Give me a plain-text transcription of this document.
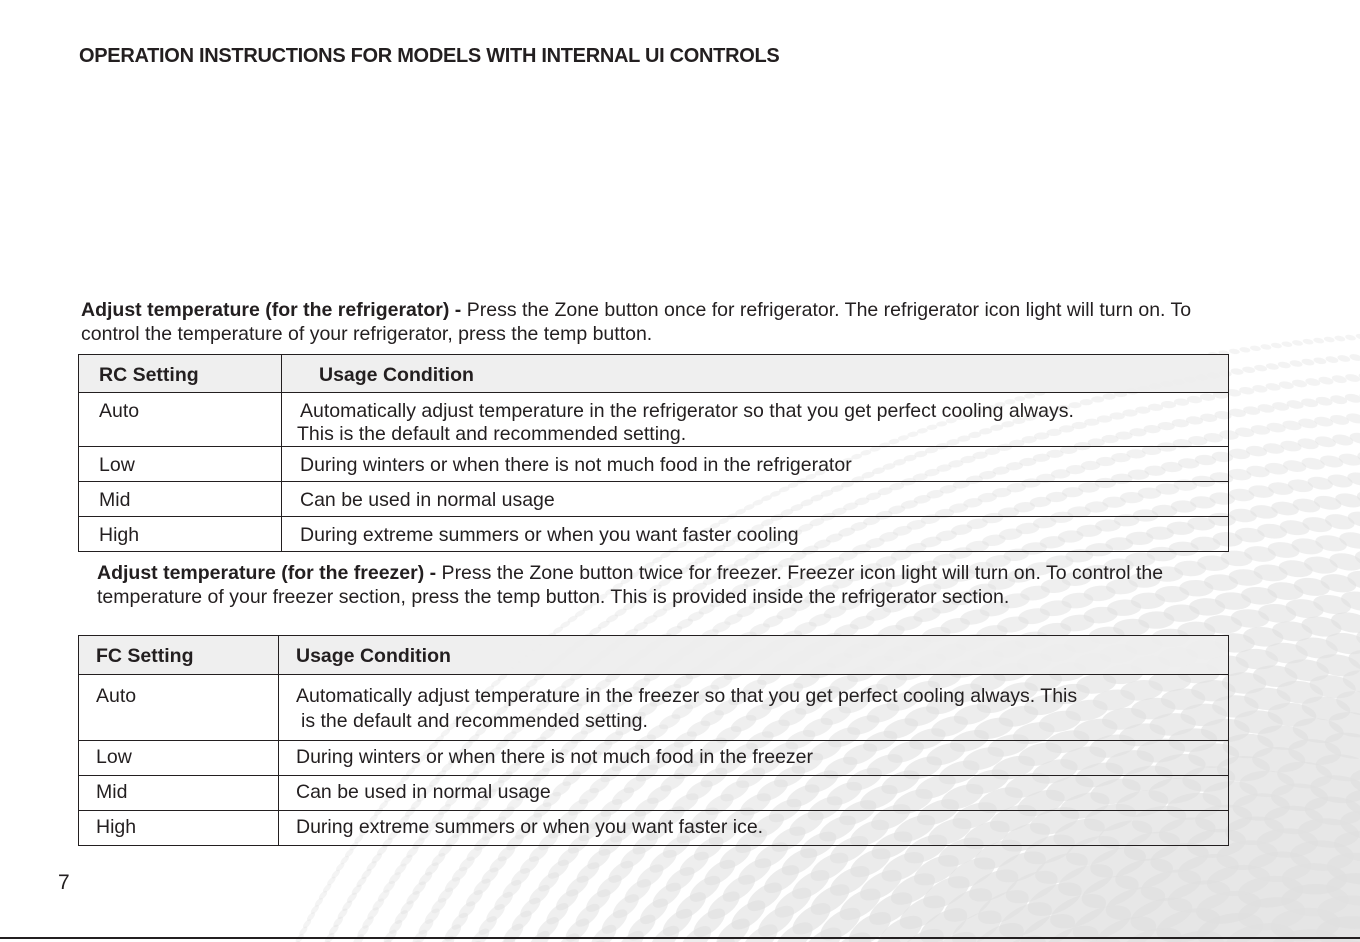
OPERATION INSTRUCTIONS FOR MODELS WITH INTERNAL UI CONTROLS

Adjust temperature (for the refrigerator) - Press the Zone button once for refrigerator. The refrigerator icon light will turn on. To control the temperature of your refrigerator, press the temp button.

RC Setting	Usage Condition
Auto	Automatically adjust temperature in the refrigerator so that you get perfect cooling always.
This is the default and recommended setting.

Low	During winters or when there is not much food in the refrigerator
Mid	Can be used in normal usage
High	During extreme summers or when you want faster cooling

Adjust temperature (for the freezer) - Press the Zone button twice for freezer. Freezer icon light will turn on. To control the temperature of your freezer section, press the temp button. This is provided inside the refrigerator section.

FC Setting	Usage Condition
Auto	Automatically adjust temperature in the freezer so that you get perfect cooling always. This
is the default and recommended setting.

Low	During winters or when there is not much food in the freezer
Mid	Can be used in normal usage
High	During extreme summers or when you want faster ice.
7
